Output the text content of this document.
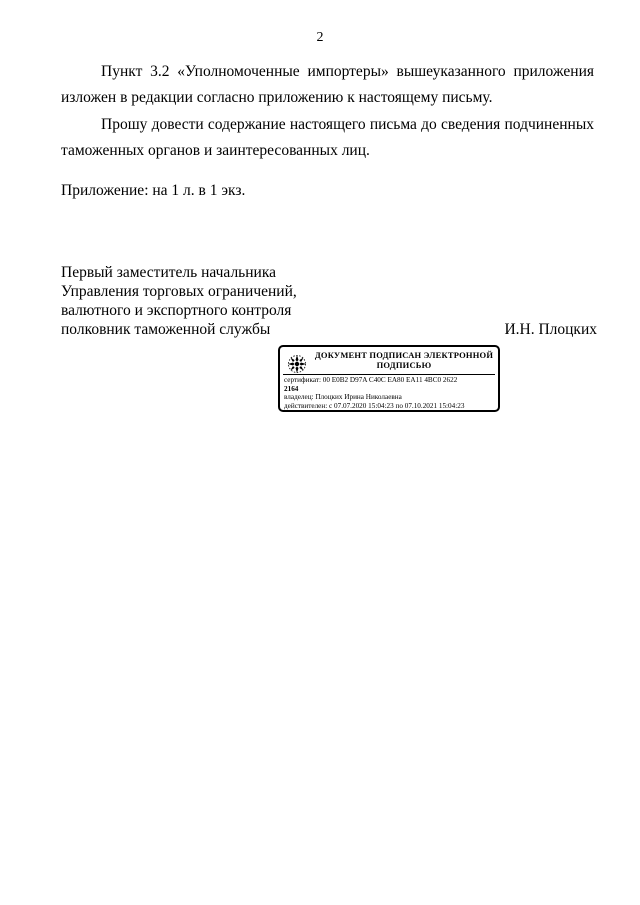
2

Пункт 3.2 «Уполномоченные импортеры» вышеуказанного приложения изложен в редакции согласно приложению к настоящему письму.

Прошу довести содержание настоящего письма до сведения подчиненных таможенных органов и заинтересованных лиц.

Приложение: на 1 л. в 1 экз.

Первый заместитель начальника
Управления торговых ограничений,
валютного и экспортного контроля
полковник таможенной службы	И.Н. Плоцких
ДОКУМЕНТ ПОДПИСАН ЭЛЕКТРОННОЙ ПОДПИСЬЮ
сертификат: 00 E0B2 D97A C40C EA80 EA11 4BC0 2622
2164
владелец: Плоцких Ирина Николаевна
действителен: с 07.07.2020 15:04:23 по 07.10.2021 15:04:23
